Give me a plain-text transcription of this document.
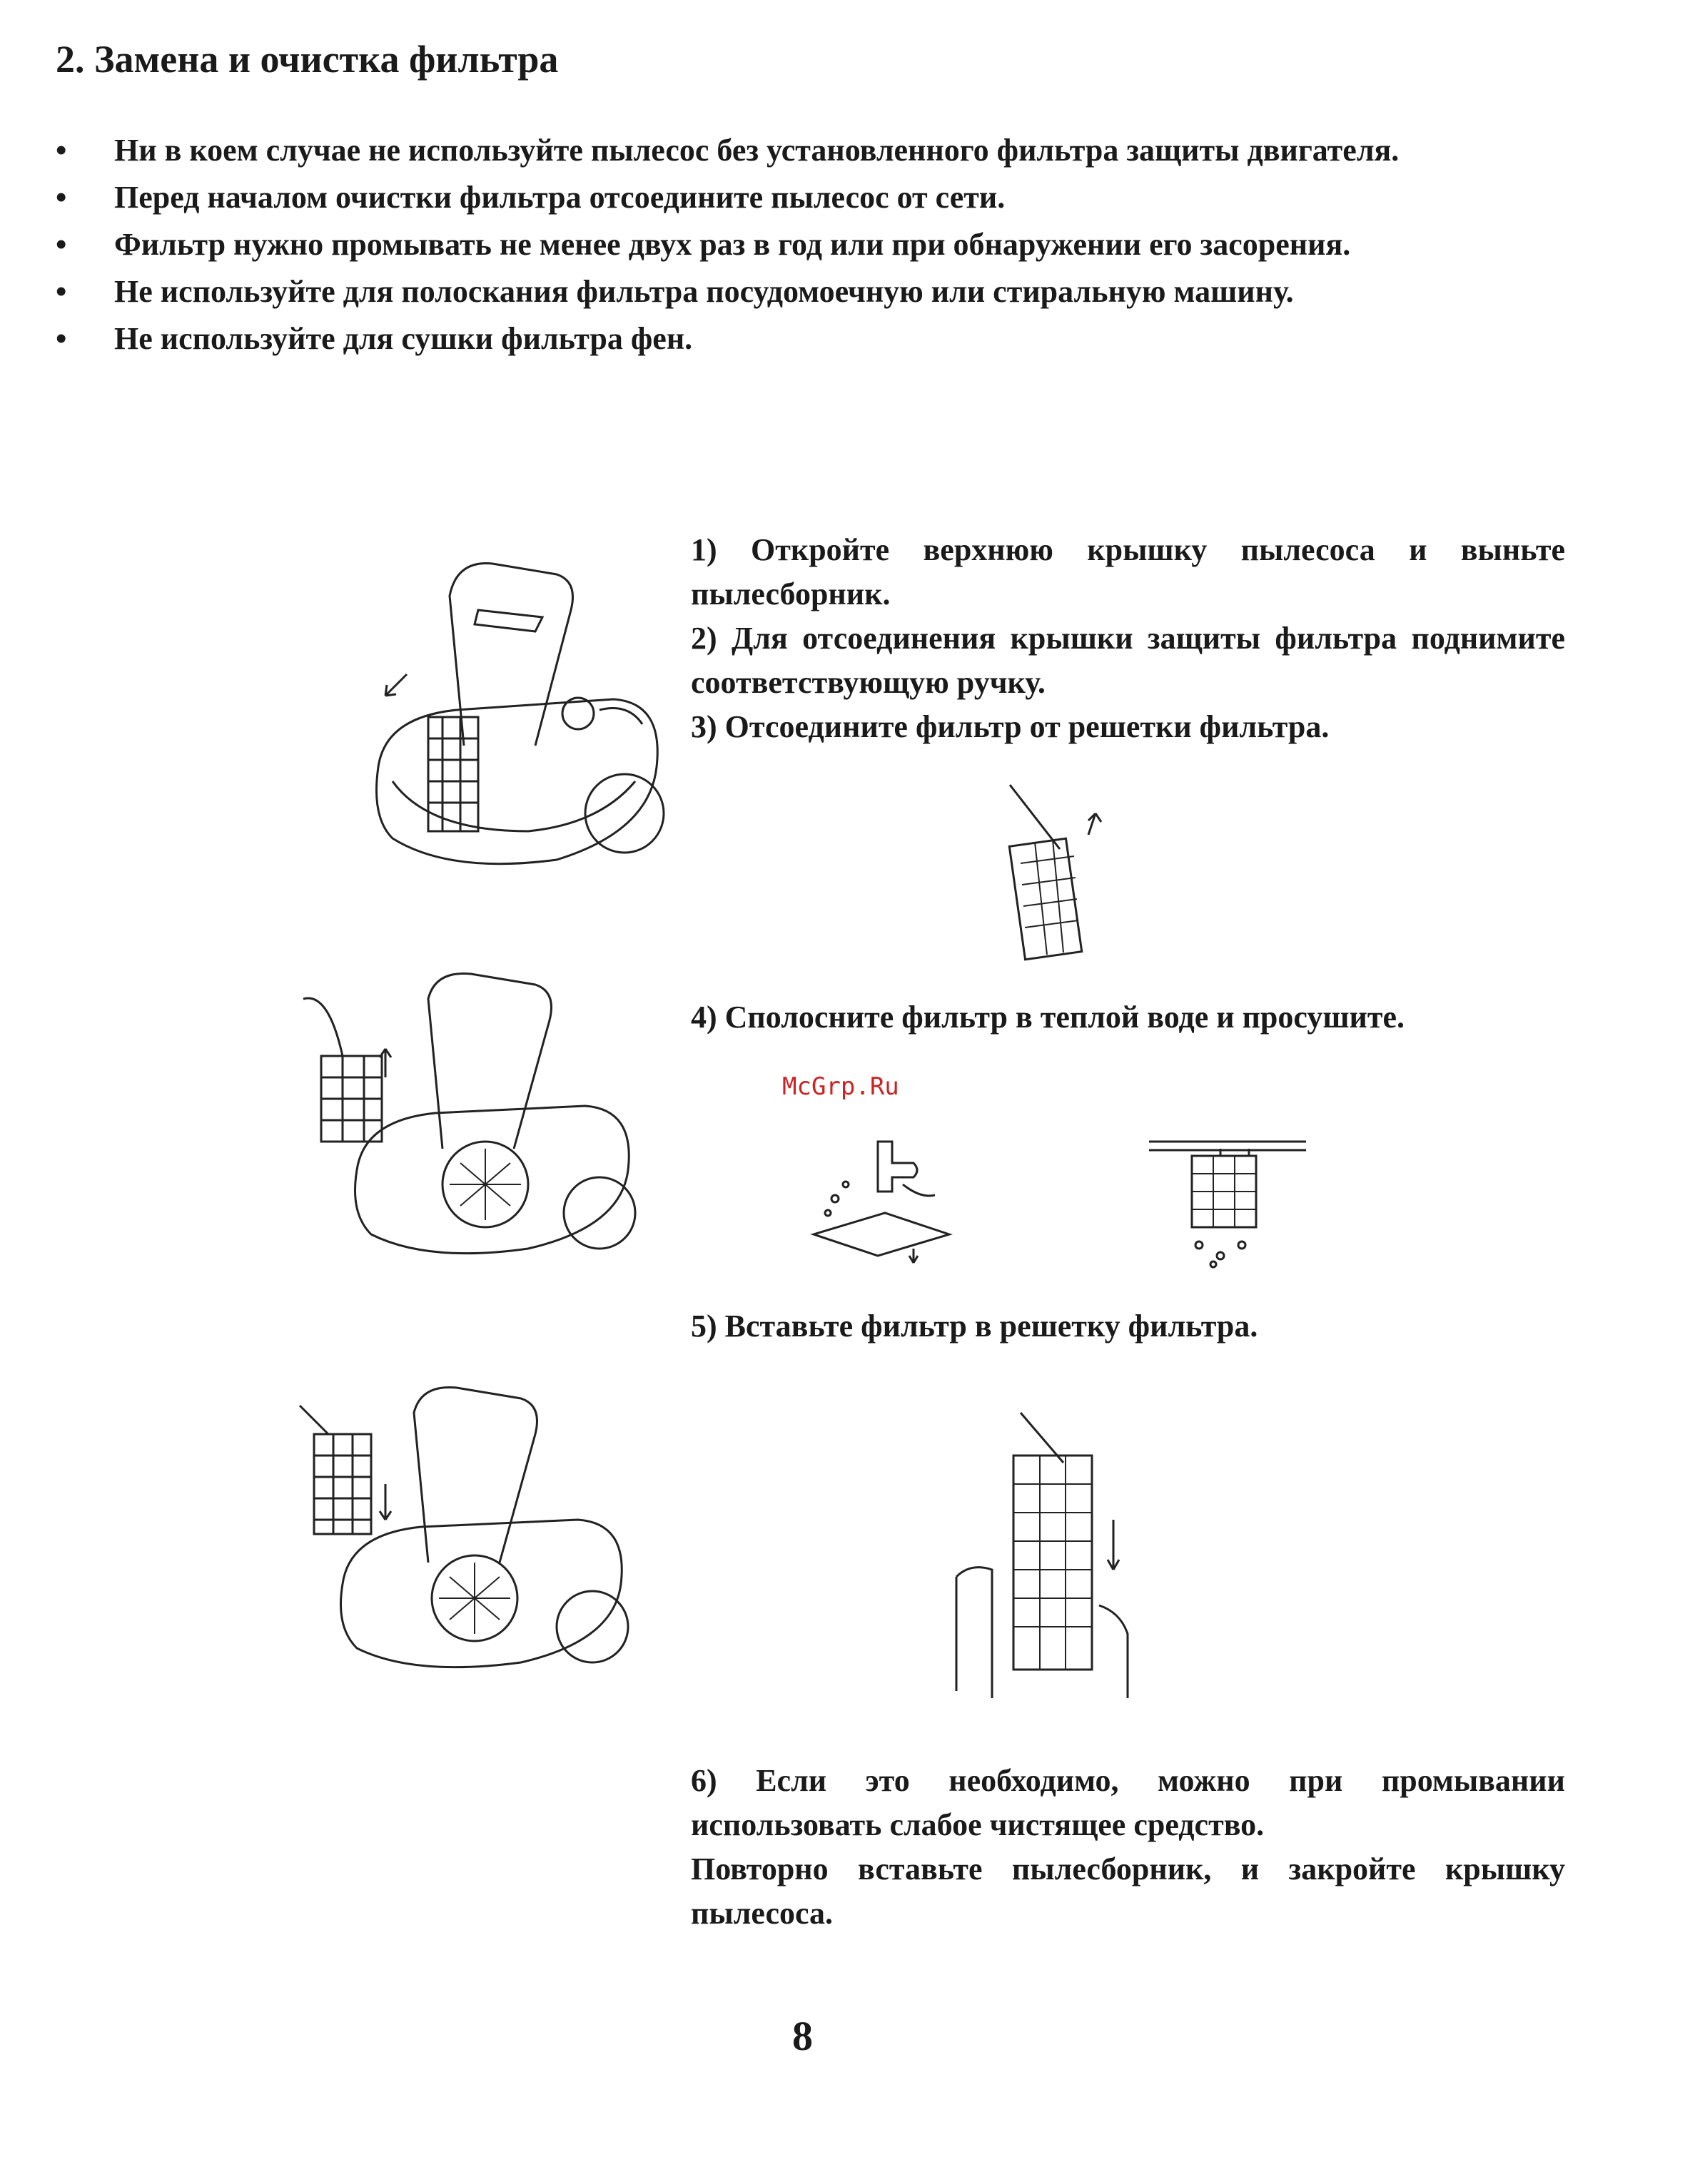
2. Замена и очистка фильтра
• Ни в коем случае не используйте пылесос без установленного фильтра защиты двигателя.
• Перед началом очистки фильтра отсоедините пылесос от сети.
• Фильтр нужно промывать не менее двух раз в год или при обнаружении его засорения.
• Не используйте для полоскания фильтра посудомоечную или стиральную машину.
• Не используйте для сушки фильтра фен.

1) Откройте верхнюю крышку пылесоса и выньте пылесборник.

2) Для отсоединения крышки защиты фильтра поднимите соответствующую ручку.

3) Отсоедините фильтр от решетки фильтра.

4) Сполосните фильтр в теплой воде и просушите.

5) Вставьте фильтр в решетку фильтра.

6) Если это необходимо, можно при промывании использовать слабое чистящее средство.

Повторно вставьте пылесборник, и закройте крышку пылесоса.

McGrp.Ru
8
